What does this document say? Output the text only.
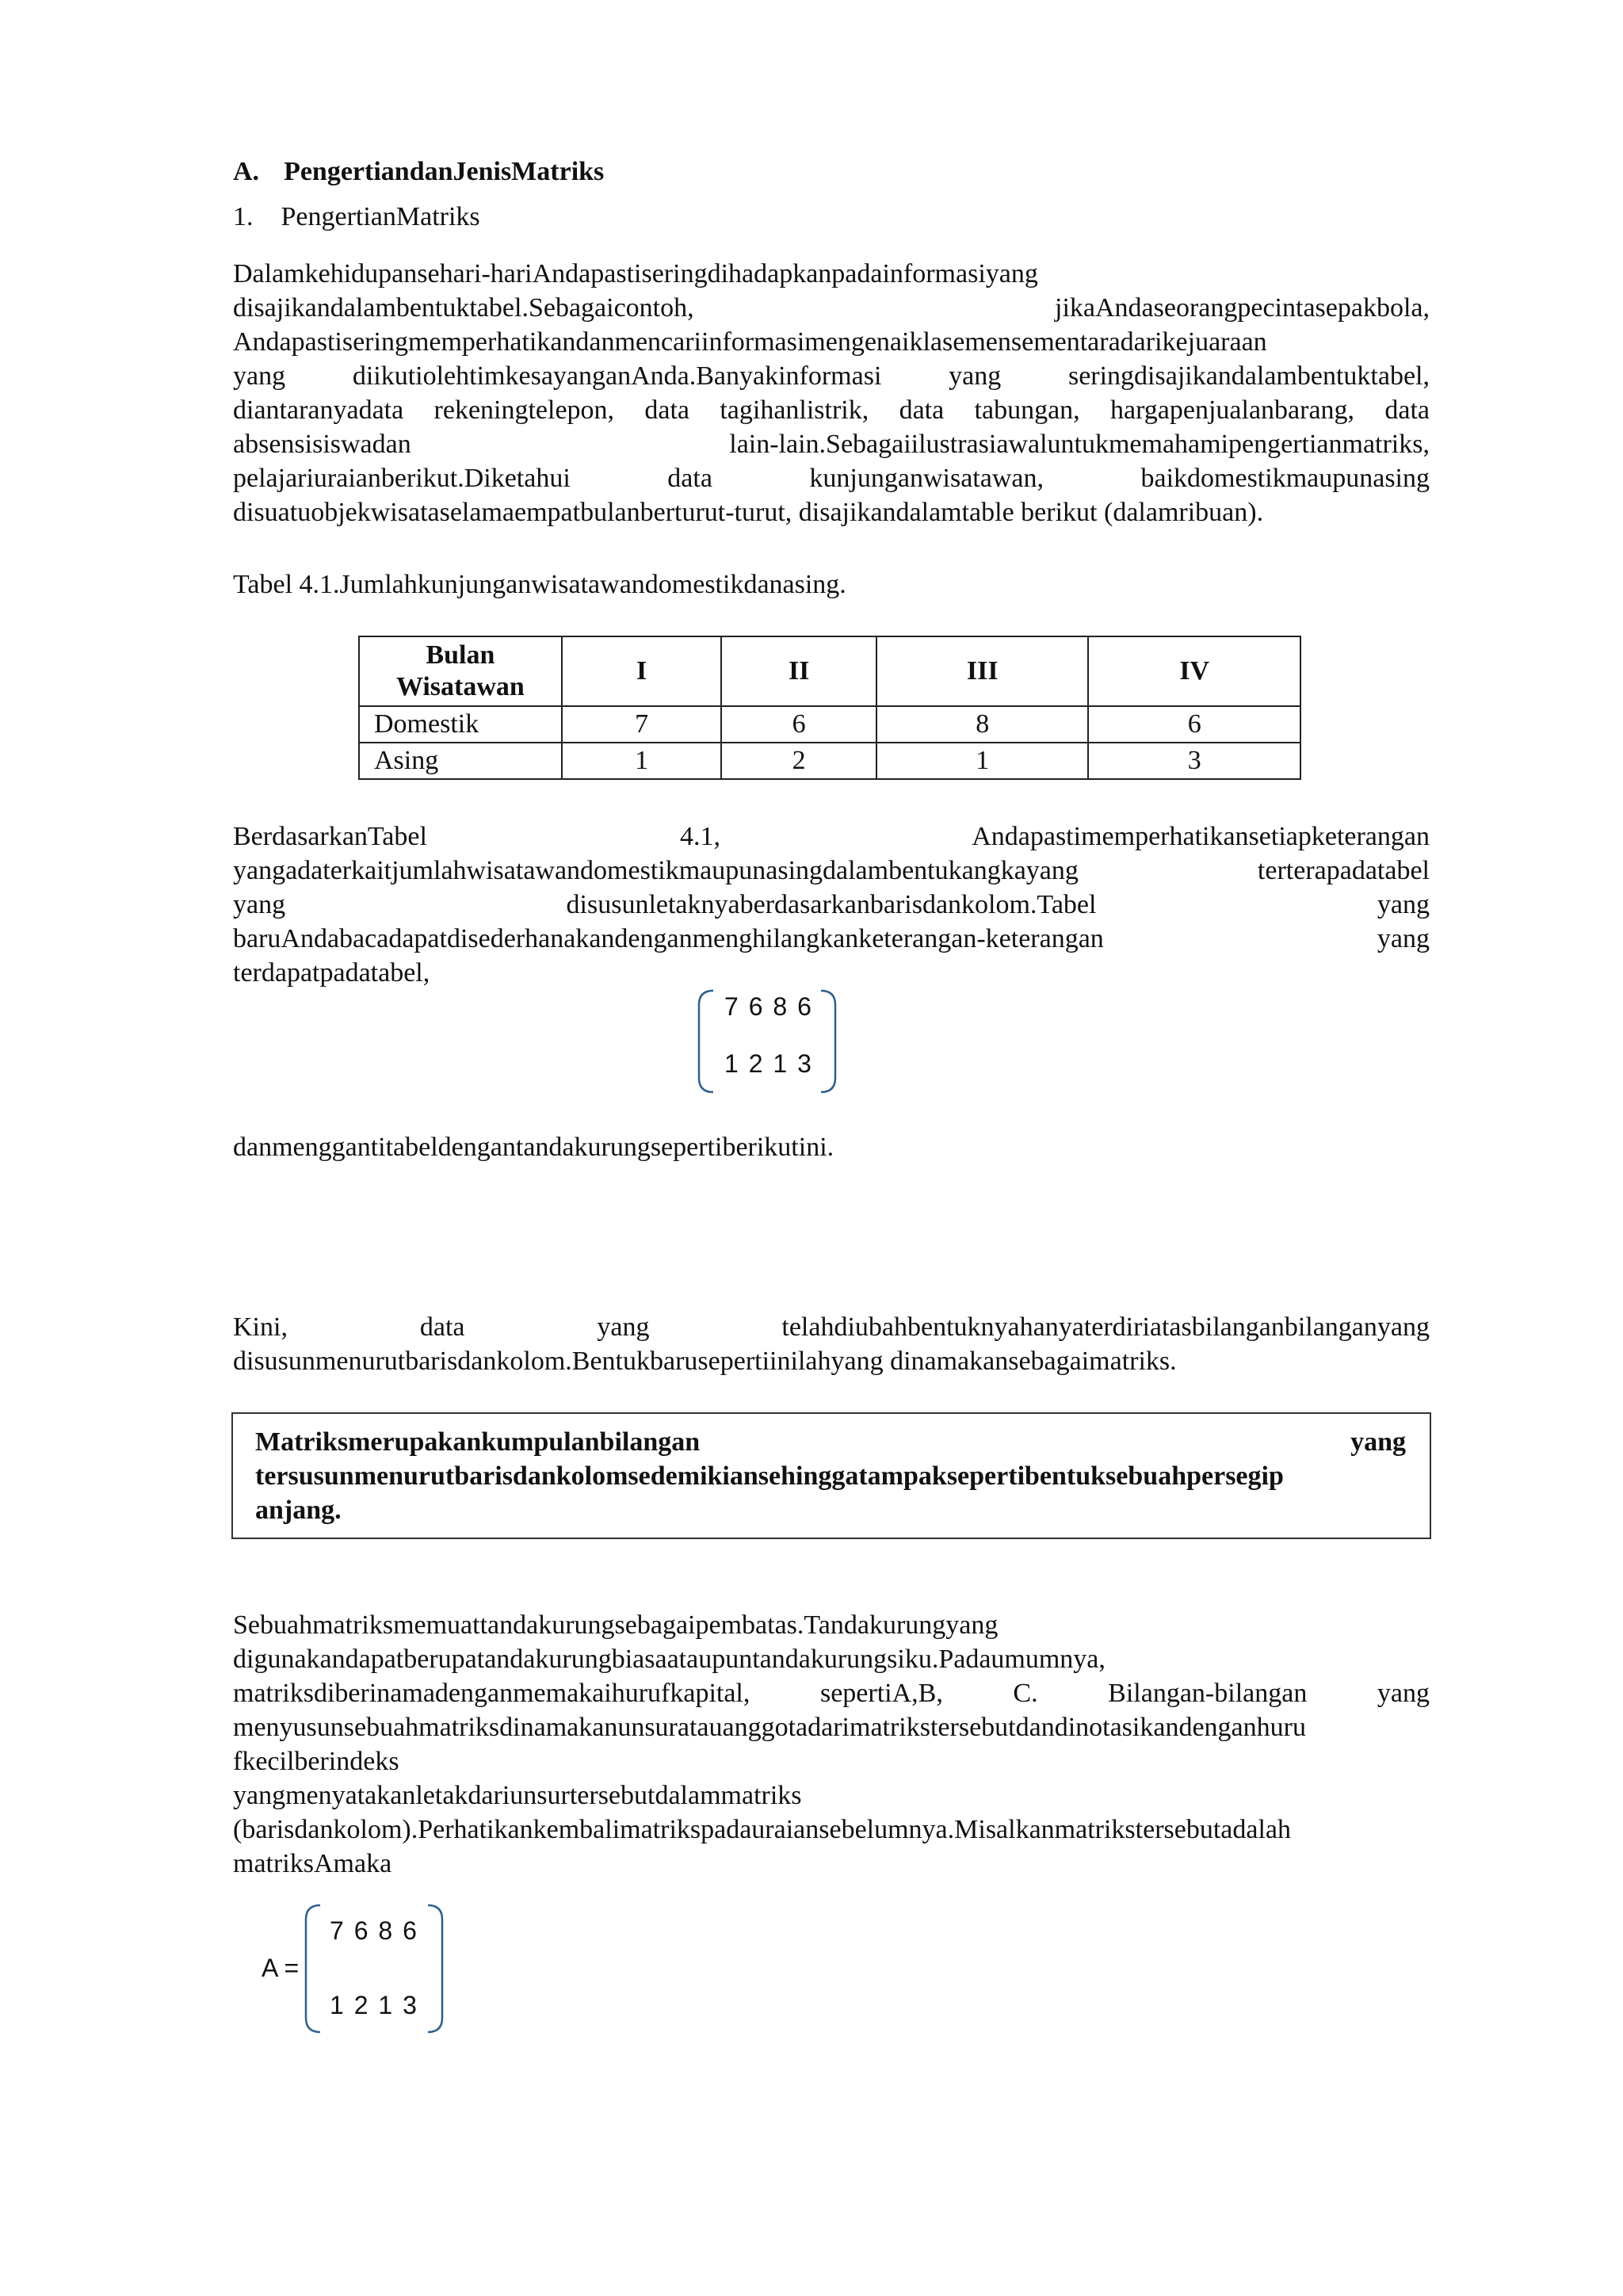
A. PengertiandanJenisMatriks
1. PengertianMatriks
Dalamkehidupansehari-hariAndapastiseringdihadapkanpadainformasiyang
disajikandalambentuktabel.Sebagaicontoh, jikaAndaseorangpecintasepakbola,
Andapastiseringmemperhatikandanmencariinformasimengenaiklasemensementaradarikejuaraan
yang diikutiolehtimkesayanganAnda.Banyakinformasi yang seringdisajikandalambentuktabel,
diantaranyadata rekeningtelepon, data tagihanlistrik, data tabungan, hargapenjualanbarang, data
absensisiswadan lain-lain.Sebagaiilustrasiawaluntukmemahamipengertianmatriks,
pelajariuraianberikut.Diketahui data kunjunganwisatawan, baikdomestikmaupunasing
disuatuobjekwisataselamaempatbulanberturut-turut, disajikandalamtable berikut (dalamribuan).
Tabel 4.1.Jumlahkunjunganwisatawandomestikdanasing.
Bulan
Wisatawan	I	II	III	IV
Domestik	7	6	8	6
Asing	1	2	1	3
BerdasarkanTabel 4.1, Andapastimemperhatikansetiapketerangan
yangadaterkaitjumlahwisatawandomestikmaupunasingdalambentukangkayang terterapadatabel
yang disusunletaknyaberdasarkanbarisdankolom.Tabel yang
baruAndabacadapatdisederhanakandenganmenghilangkanketerangan-keterangan yang
terdapatpadatabel,
7 6 8 6
1 2 1 3
danmenggantitabeldengantandakurungsepertiberikutini.
Kini, data yang telahdiubahbentuknyahanyaterdiriatasbilanganbilanganyang
disusunmenurutbarisdankolom.Bentukbarusepertiinilahyang dinamakansebagaimatriks.
Matriksmerupakankumpulanbilangan yang
tersusunmenurutbarisdankolomsedemikiansehinggatampaksepertibentuksebuahpersegip
anjang.
Sebuahmatriksmemuattandakurungsebagaipembatas.Tandakurungyang
digunakandapatberupatandakurungbiasaataupuntandakurungsiku.Padaumumnya,
matriksdiberinamadenganmemakaihurufkapital, sepertiA,B, C. Bilangan-bilangan yang
menyusunsebuahmatriksdinamakanunsuratauanggotadarimatrikstersebutdandinotasikandenganhuru
fkecilberindeks
yangmenyatakanletakdariunsurtersebutdalammatriks
(barisdankolom).Perhatikankembalimatrikspadauraiansebelumnya.Misalkanmatrikstersebutadalah
matriksAmaka
A =
7 6 8 6
1 2 1 3
